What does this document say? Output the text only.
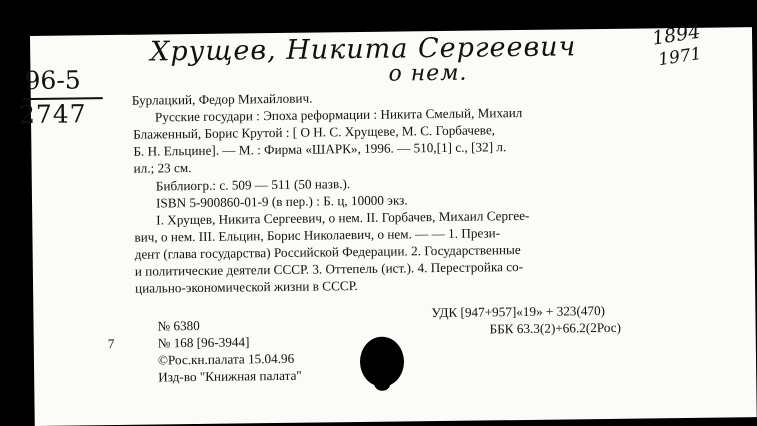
Хрущев, Никита Сергеевич
о нем.
1894
1971
96-5
2747
Бурлацкий, Федор Михайлович.
Русские государи : Эпоха реформации : Никита Смелый, Михаил
Блаженный, Борис Крутой : [ О Н. С. Хрущеве, М. С. Горбачеве,
Б. Н. Ельцине]. — М. : Фирма «ШАРК», 1996. — 510,[1] с., [32] л.
ил.; 23 см.
Библиогр.: с. 509 — 511 (50 назв.).
ISBN 5-900860-01-9 (в пер.) : Б. ц, 10000 экз.
I. Хрущев, Никита Сергеевич, о нем. II. Горбачев, Михаил Сергее-
вич, о нем. III. Ельцин, Борис Николаевич, о нем. — — 1. Прези-
дент (глава государства) Российской Федерации. 2. Государственные
и политические деятели СССР. 3. Оттепель (ист.). 4. Перестройка со-
циально-экономической жизни в СССР.
УДК [947+957]«19» + 323(470)
ББК 63.3(2)+66.2(2Рос)
№ 6380
7	№ 168 [96-3944]
©Рос.кн.палата 15.04.96
Изд-во "Книжная палата"
